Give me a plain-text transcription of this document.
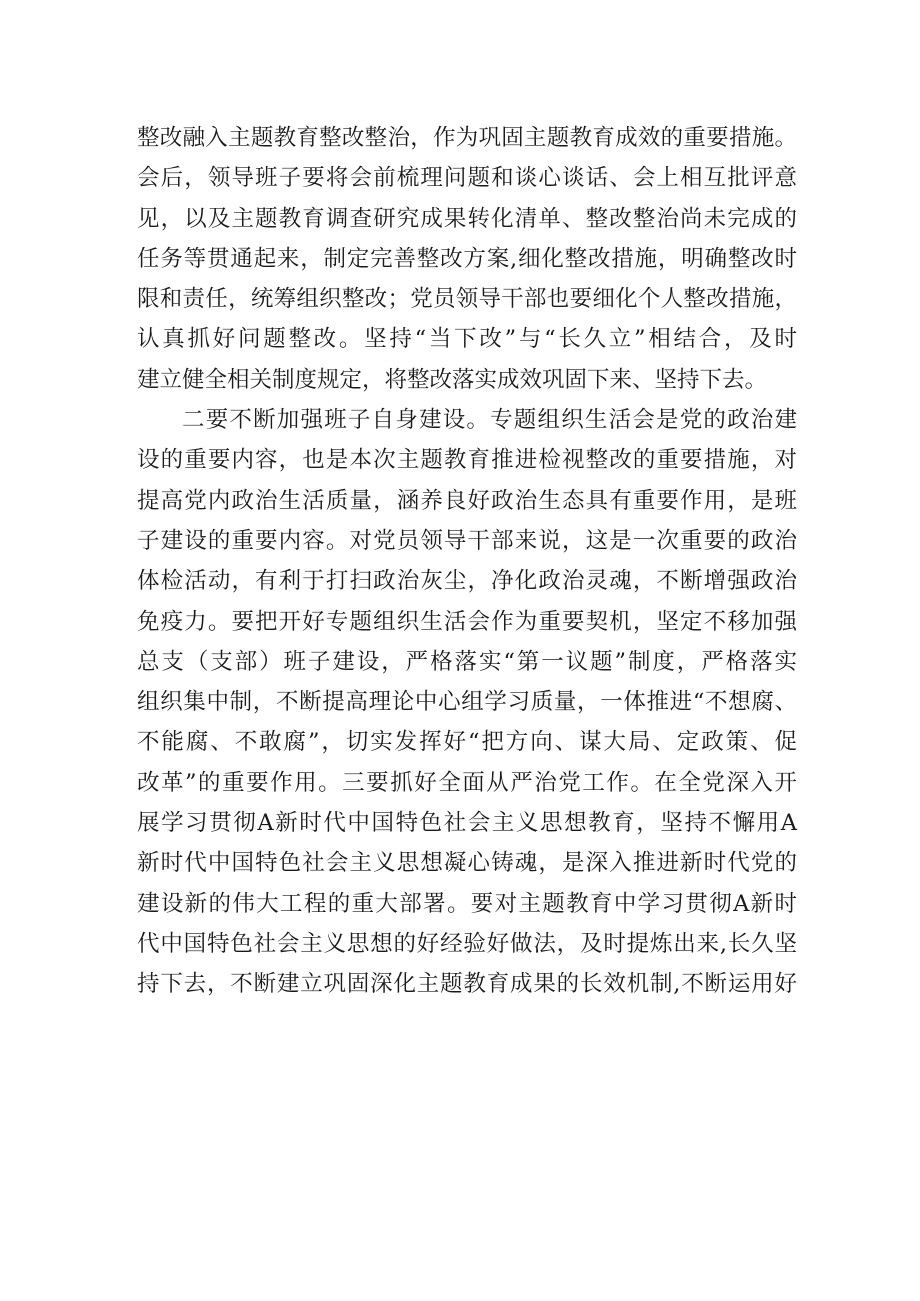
整改融入主题教育整改整治，作为巩固主题教育成效的重要措施。
会后，领导班子要将会前梳理问题和谈心谈话、会上相互批评意
见，以及主题教育调查研究成果转化清单、整改整治尚未完成的
任务等贯通起来，制定完善整改方案,细化整改措施，明确整改时
限和责任，统筹组织整改；党员领导干部也要细化个人整改措施，
认真抓好问题整改。坚持“当下改”与“长久立”相结合，及时
建立健全相关制度规定，将整改落实成效巩固下来、坚持下去。
二要不断加强班子自身建设。专题组织生活会是党的政治建
设的重要内容，也是本次主题教育推进检视整改的重要措施，对
提高党内政治生活质量，涵养良好政治生态具有重要作用，是班
子建设的重要内容。对党员领导干部来说，这是一次重要的政治
体检活动，有利于打扫政治灰尘，净化政治灵魂，不断增强政治
免疫力。要把开好专题组织生活会作为重要契机，坚定不移加强
总支（支部）班子建设，严格落实“第一议题”制度，严格落实
组织集中制，不断提高理论中心组学习质量，一体推进“不想腐、
不能腐、不敢腐”，切实发挥好“把方向、谋大局、定政策、促
改革”的重要作用。三要抓好全面从严治党工作。在全党深入开
展学习贯彻A新时代中国特色社会主义思想教育，坚持不懈用A
新时代中国特色社会主义思想凝心铸魂，是深入推进新时代党的
建设新的伟大工程的重大部署。要对主题教育中学习贯彻A新时
代中国特色社会主义思想的好经验好做法，及时提炼出来,长久坚
持下去，不断建立巩固深化主题教育成果的长效机制,不断运用好
